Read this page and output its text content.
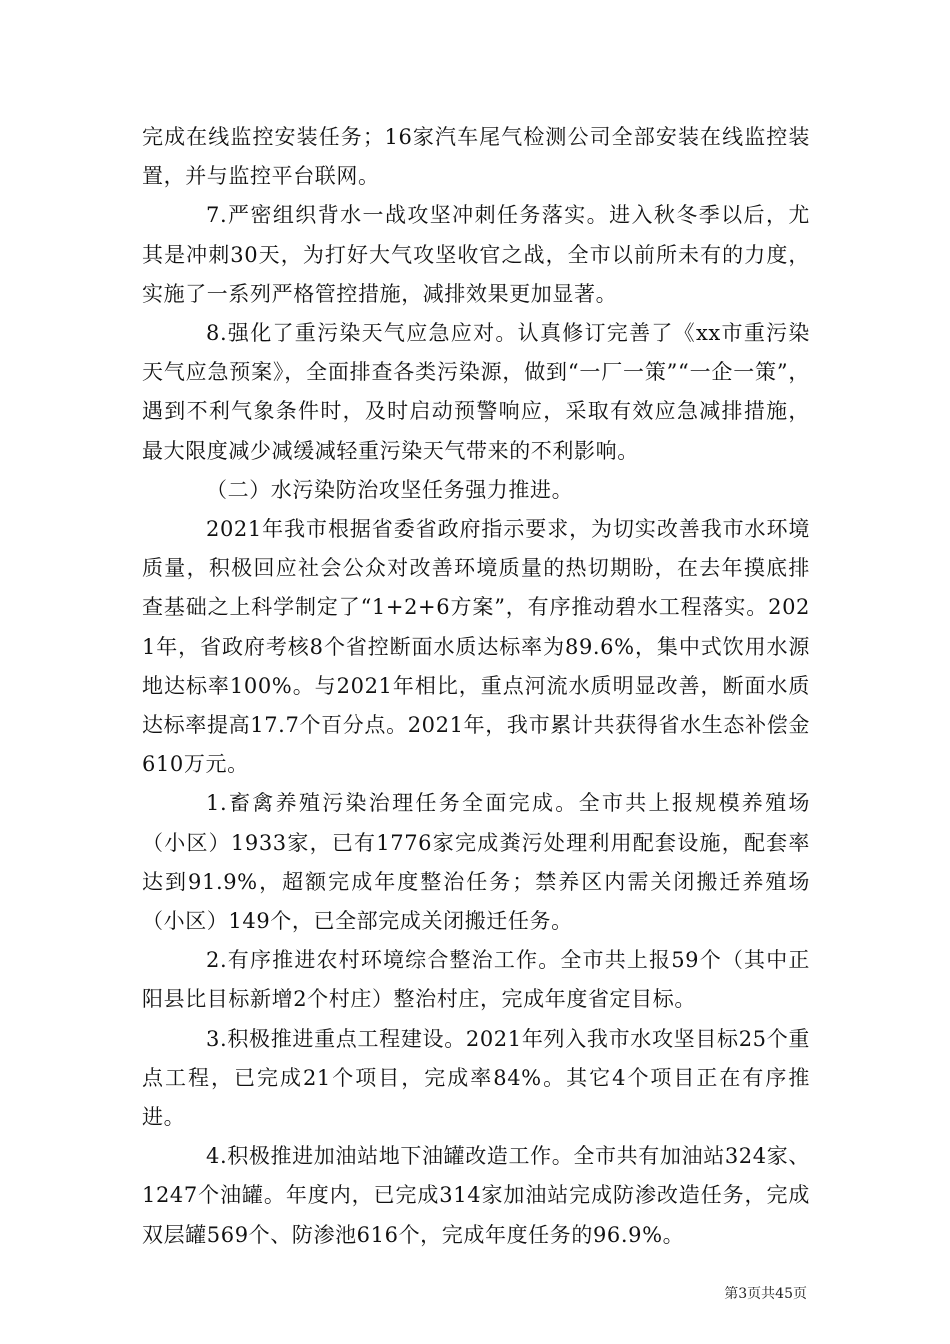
完成在线监控安装任务；16家汽车尾气检测公司全部安装在线监控装置，并与监控平台联网。

7.严密组织背水一战攻坚冲刺任务落实。进入秋冬季以后，尤其是冲刺30天，为打好大气攻坚收官之战，全市以前所未有的力度，实施了一系列严格管控措施，减排效果更加显著。

8.强化了重污染天气应急应对。认真修订完善了《xx市重污染天气应急预案》，全面排查各类污染源，做到“一厂一策”“一企一策”，遇到不利气象条件时，及时启动预警响应，采取有效应急减排措施，最大限度减少减缓减轻重污染天气带来的不利影响。

（二）水污染防治攻坚任务强力推进。

2021年我市根据省委省政府指示要求，为切实改善我市水环境质量，积极回应社会公众对改善环境质量的热切期盼，在去年摸底排查基础之上科学制定了“1+2+6方案”，有序推动碧水工程落实。2021年，省政府考核8个省控断面水质达标率为89.6%，集中式饮用水源地达标率100%。与2021年相比，重点河流水质明显改善，断面水质达标率提高17.7个百分点。2021年，我市累计共获得省水生态补偿金610万元。

1.畜禽养殖污染治理任务全面完成。全市共上报规模养殖场（小区）1933家，已有1776家完成粪污处理利用配套设施，配套率达到91.9%，超额完成年度整治任务；禁养区内需关闭搬迁养殖场（小区）149个，已全部完成关闭搬迁任务。

2.有序推进农村环境综合整治工作。全市共上报59个（其中正阳县比目标新增2个村庄）整治村庄，完成年度省定目标。

3.积极推进重点工程建设。2021年列入我市水攻坚目标25个重点工程，已完成21个项目，完成率84%。其它4个项目正在有序推进。

4.积极推进加油站地下油罐改造工作。全市共有加油站324家、1247个油罐。年度内，已完成314家加油站完成防渗改造任务，完成双层罐569个、防渗池616个，完成年度任务的96.9%。

第3页共45页
